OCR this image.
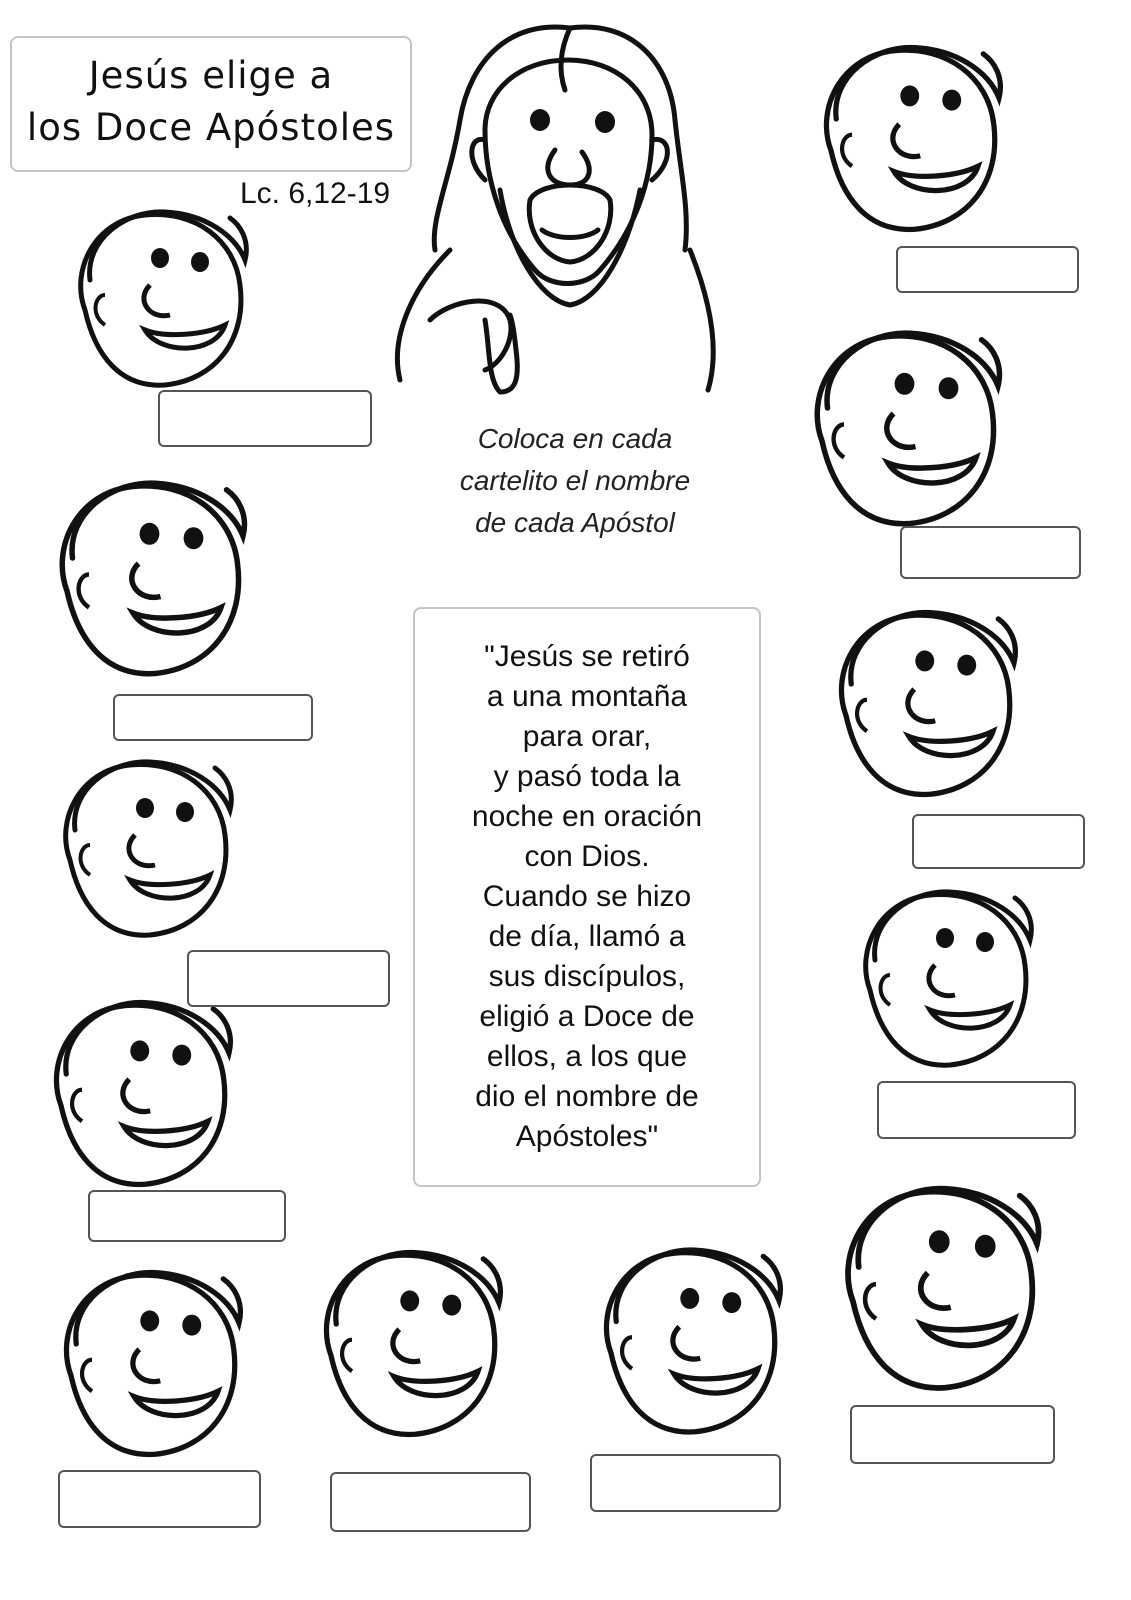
Jesús elige a
los Doce Apóstoles
Lc. 6,12-19
Coloca en cada
cartelito el nombre
de cada Apóstol
"Jesús se retiró
a una montaña
para orar,
y pasó toda la
noche en oración
con Dios.
Cuando se hizo
de día, llamó a
sus discípulos,
eligió a Doce de
ellos, a los que
dio el nombre de
Apóstoles"
